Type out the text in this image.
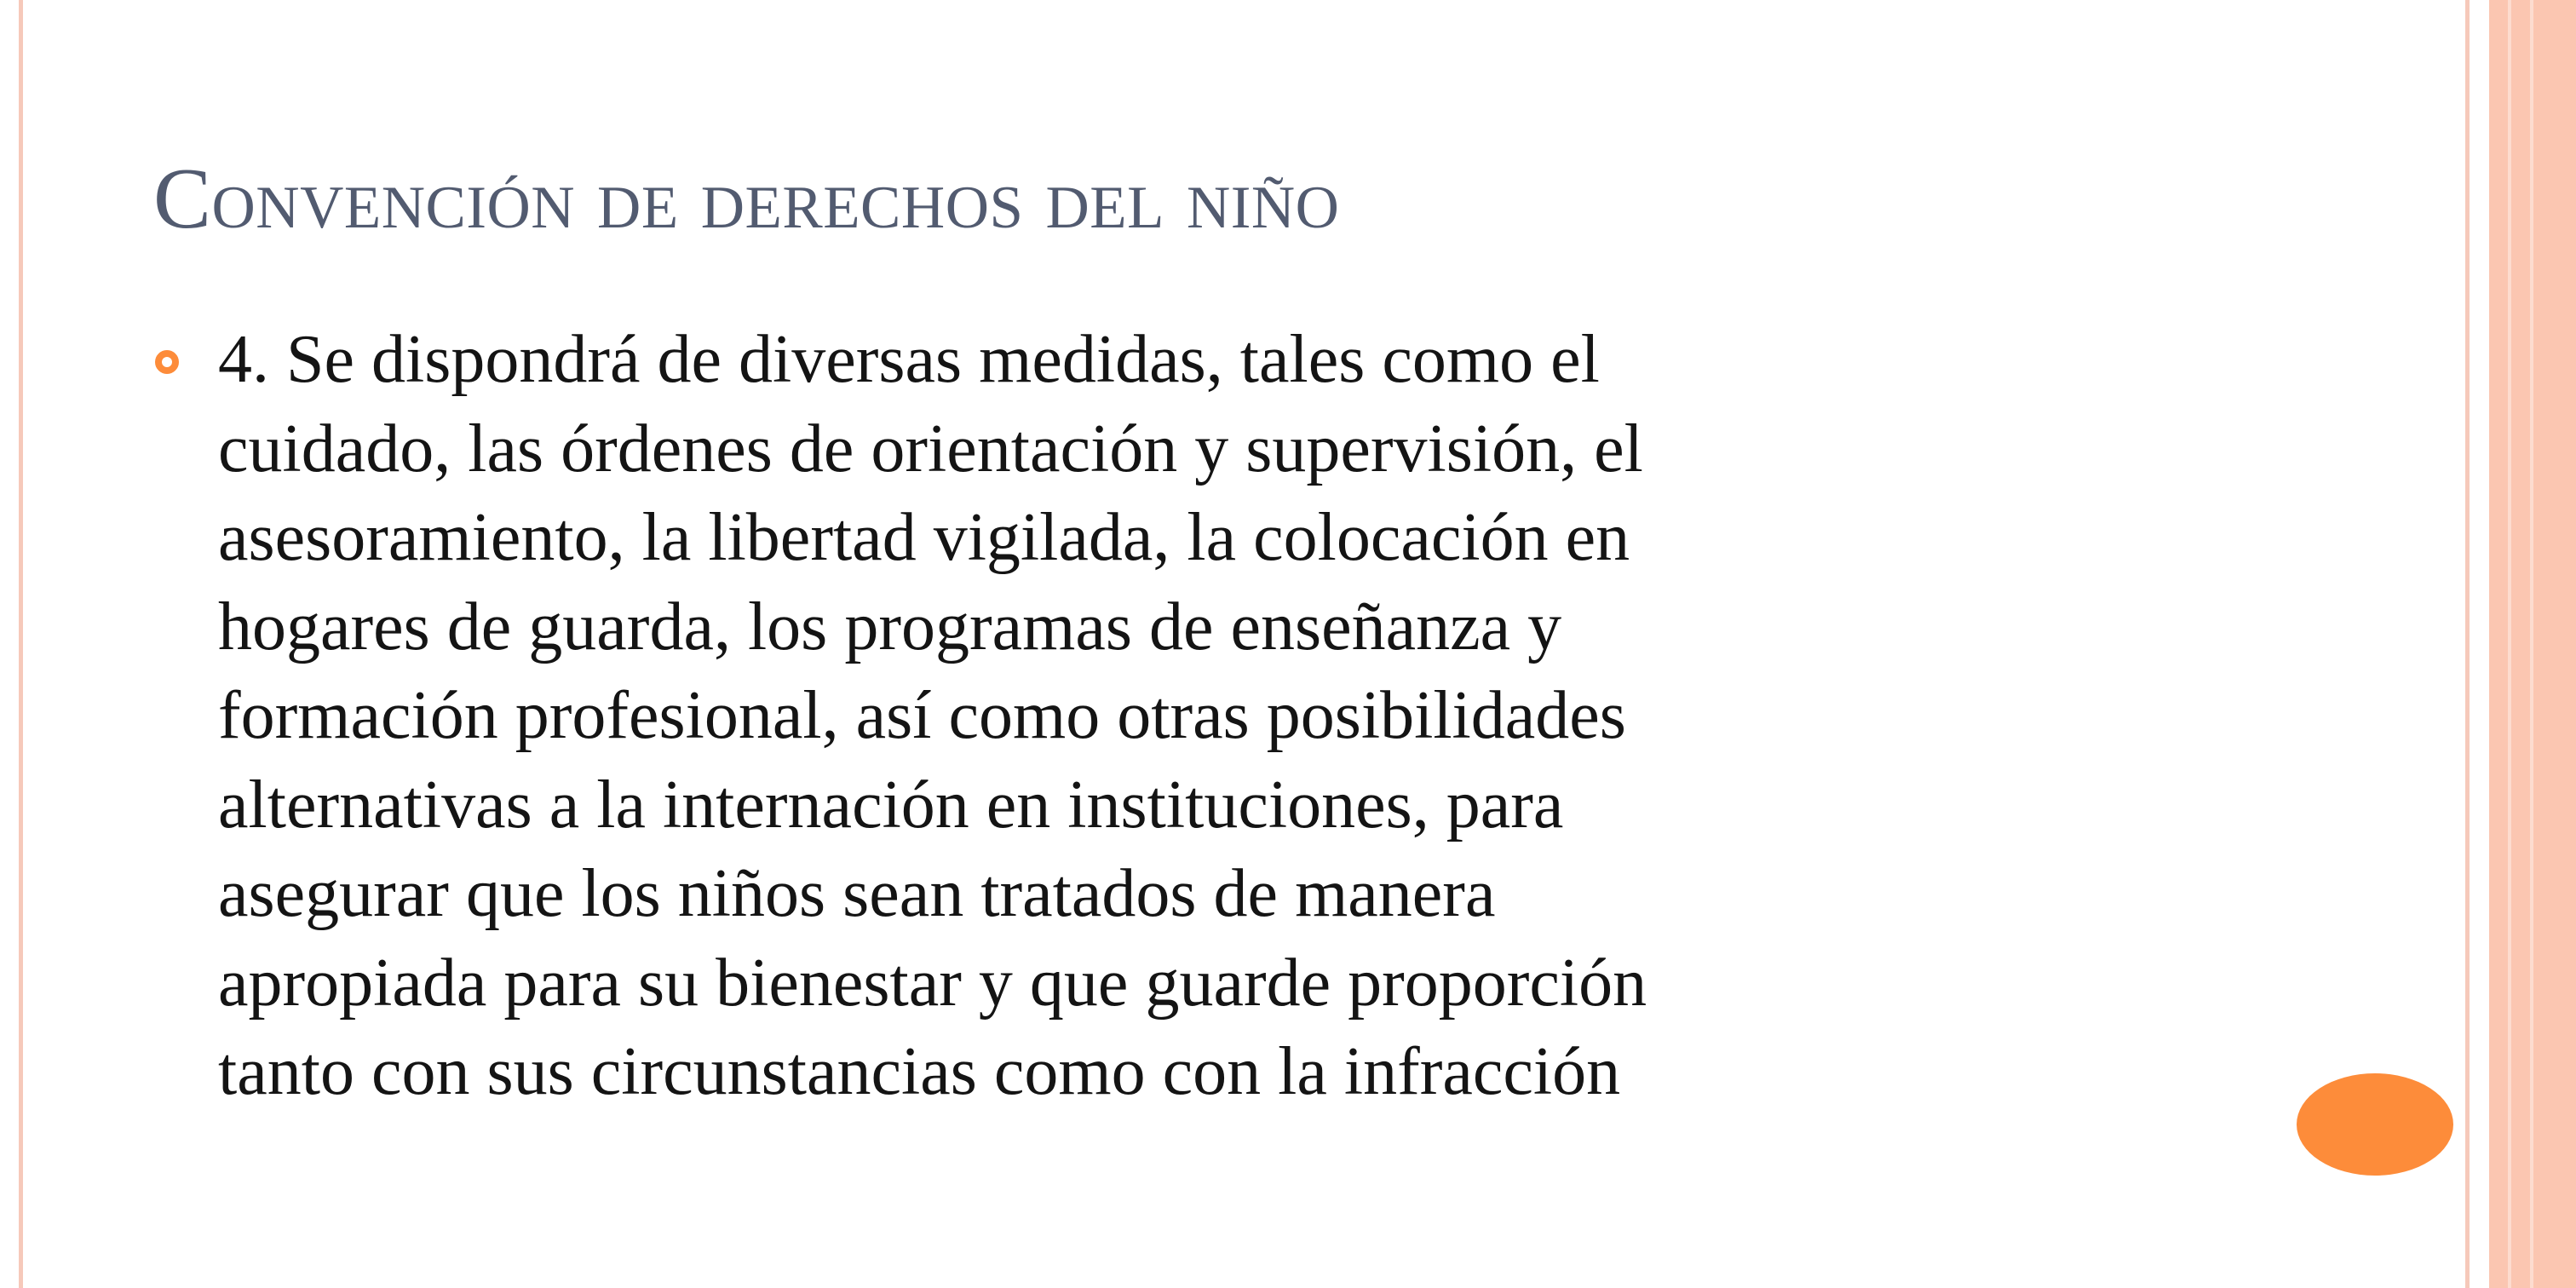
Convención de derechos del niño

4. Se dispondrá de diversas medidas, tales como el
cuidado, las órdenes de orientación y supervisión, el
asesoramiento, la libertad vigilada, la colocación en
hogares de guarda, los programas de enseñanza y
formación profesional, así como otras posibilidades
alternativas a la internación en instituciones, para
asegurar que los niños sean tratados de manera
apropiada para su bienestar y que guarde proporción
tanto con sus circunstancias como con la infracción
